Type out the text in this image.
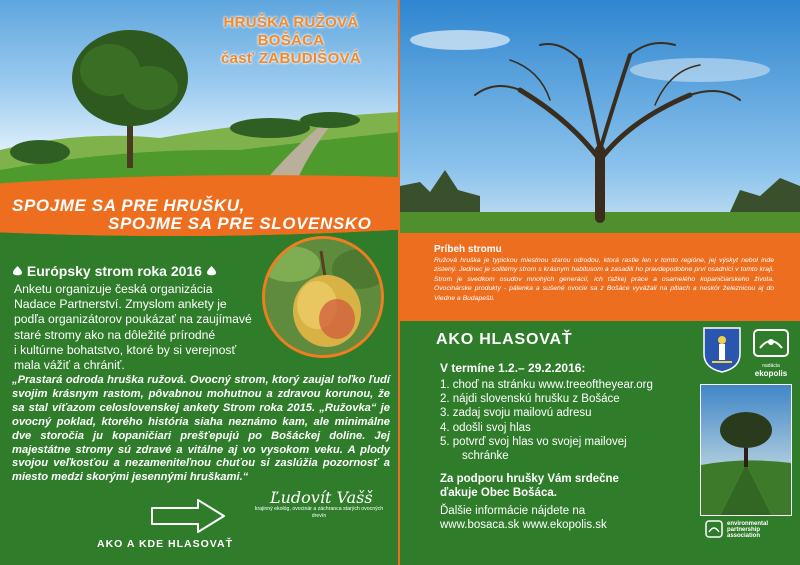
HRUŠKA RUŽOVÁ
BOŠÁCA
časť ZABUDIŠOVÁ
SPOJME SA PRE HRUŠKU,
SPOJME SA PRE SLOVENSKO
Európsky strom roka 2016
Anketu organizuje česká organizácia
Nadace Partnerství. Zmyslom ankety je
podľa organizátorov poukázať na zaujímavé
staré stromy ako na dôležité prírodné
i kultúrne bohatstvo, ktoré by si verejnosť
mala vážiť a chrániť.
„Prastará odroda hruška ružová. Ovocný strom, ktorý zaujal toľko ľudí svojim krásnym rastom, pôvabnou mohutnou a zdravou korunou, že sa stal víťazom celoslovenskej ankety Strom roka 2015. „Ružovka“ je ovocný poklad, ktorého história siaha neznámo kam, ale minimálne dve storočia ju kopaničiari prešťepujú po Bošáckej doline. Jej majestátne stromy sú zdravé a vitálne aj vo vysokom veku. A plody svojou veľkosťou a nezameniteľnou chuťou si zaslúžia pozornosť a miesto medzi skorými jesennými hruškami.“
Ľudovít Vašš
krajinný ekológ, ovocinár a záchranca starých ovocných drevín
AKO A KDE HLASOVAŤ
Príbeh stromu
Ružová hruška je typickou miestnou starou odrodou, ktorá rastie len v tomto regióne, jej výskyt nebol inde zistený. Jedinec je solitérny strom s krásnym habitusom a zasadili ho pravdepodobne prví osadníci v tomto kraji. Strom je svedkom osudov mnohých generácií, ich ťažkej práce a osamelého kopaničiarskeho života. Ovocinárske produkty - pálenka a sušené ovocie sa z Bošáce vyvážali na pltiach a neskôr železnicou aj do Viedne a Budapešti.
AKO HLASOVAŤ
V termíne 1.2.– 29.2.2016:
1. choď na stránku www.treeoftheyear.org
2. nájdi slovenskú hrušku z Bošáce
3. zadaj svoju mailovú adresu
4. odošli svoj hlas
5. potvrď svoj hlas vo svojej mailovej
schránke
Za podporu hrušky Vám srdečne
ďakuje Obec Bošáca.
Ďalšie informácie nájdete na
www.bosaca.sk www.ekopolis.sk
nadácia
ekopolis
environmental
partnership
association
